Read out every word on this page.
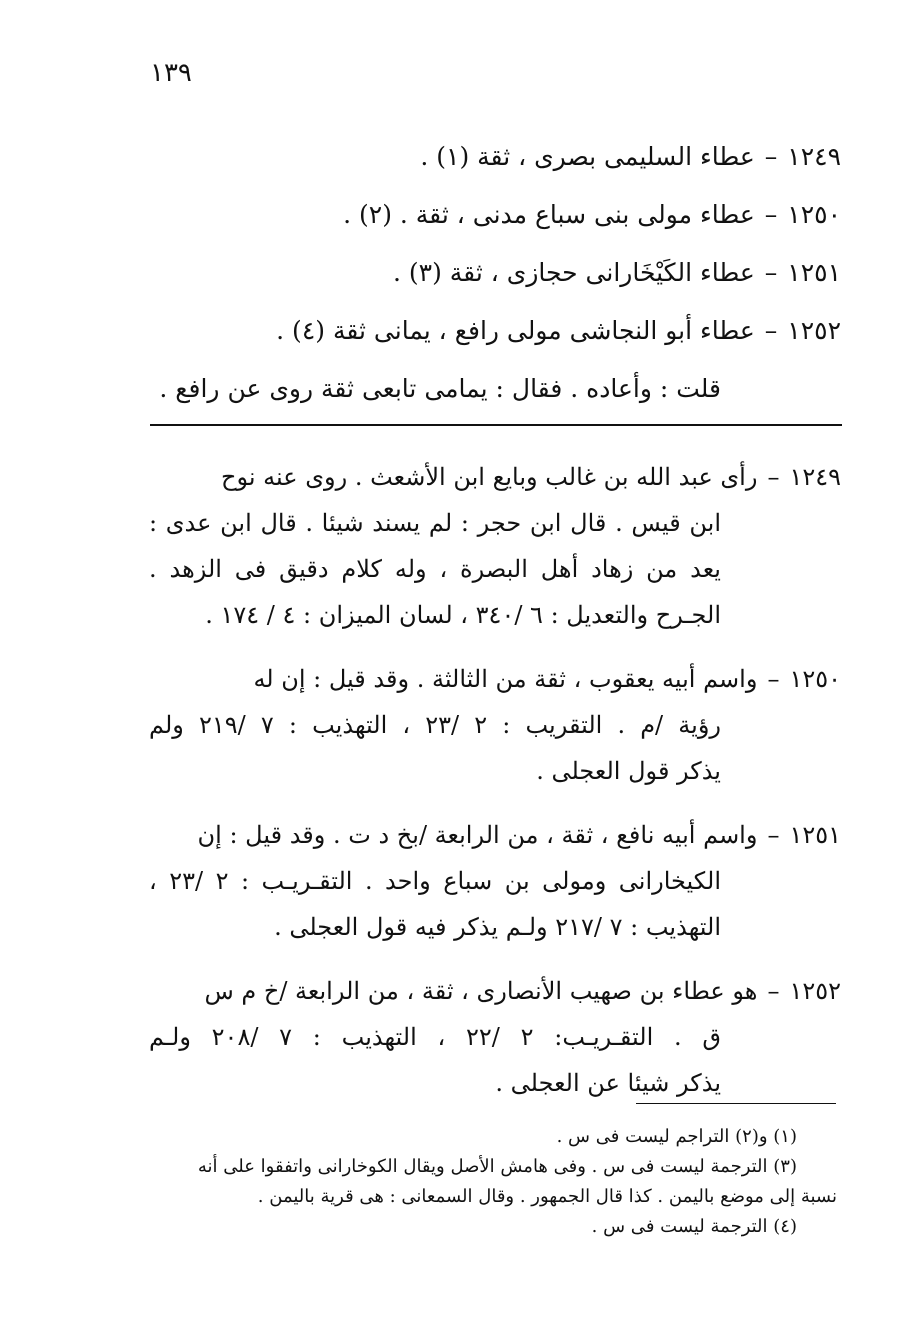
١٣٩
١٢٤٩–عطاء السليمى بصرى ، ثقة (١) .
١٢٥٠–عطاء مولى بنى سباع مدنى ، ثقة . (٢) .
١٢٥١–عطاء الكَيْخَارانى حجازى ، ثقة (٣) .
١٢٥٢–عطاء أبو النجاشى مولى رافع ، يمانى ثقة (٤) .
قلت : وأعاده . فقال : يمامى تابعى ثقة روى عن رافع .
١٢٤٩–رأى عبد الله بن غالب وبايع ابن الأشعث . روى عنه نوح
ابن قيس . قال ابن حجر : لم يسند شيئا . قال ابن عدى :
يعد من زهاد أهل البصرة ، وله كلام دقيق فى الزهد .
الجـرح والتعديل : ٦ /٣٤٠ ، لسان الميزان : ٤ / ١٧٤ .
١٢٥٠–واسم أبيه يعقوب ، ثقة من الثالثة . وقد قيل : إن له
رؤية /م . التقريب : ٢ /٢٣ ، التهذيب : ٧ /٢١٩ ولم
يذكر قول العجلى .
١٢٥١–واسم أبيه نافع ، ثقة ، من الرابعة /بخ د ت . وقد قيل : إن
الكيخارانى ومولى بن سباع واحد . التقـريـب : ٢ /٢٣ ،
التهذيب : ٧ /٢١٧ ولـم يذكر فيه قول العجلى .
١٢٥٢–هو عطاء بن صهيب الأنصارى ، ثقة ، من الرابعة /خ م س
ق . التقـريـب: ٢ /٢٢ ، التهذيب : ٧ /٢٠٨ ولـم
يذكر شيئا عن العجلى .
(١) و(٢) التراجم ليست فى س .
(٣) الترجمة ليست فى س . وفى هامش الأصل ويقال الكوخارانى واتفقوا على أنه
نسبة إلى موضع باليمن . كذا قال الجمهور . وقال السمعانى : هى قرية باليمن .
(٤) الترجمة ليست فى س .
